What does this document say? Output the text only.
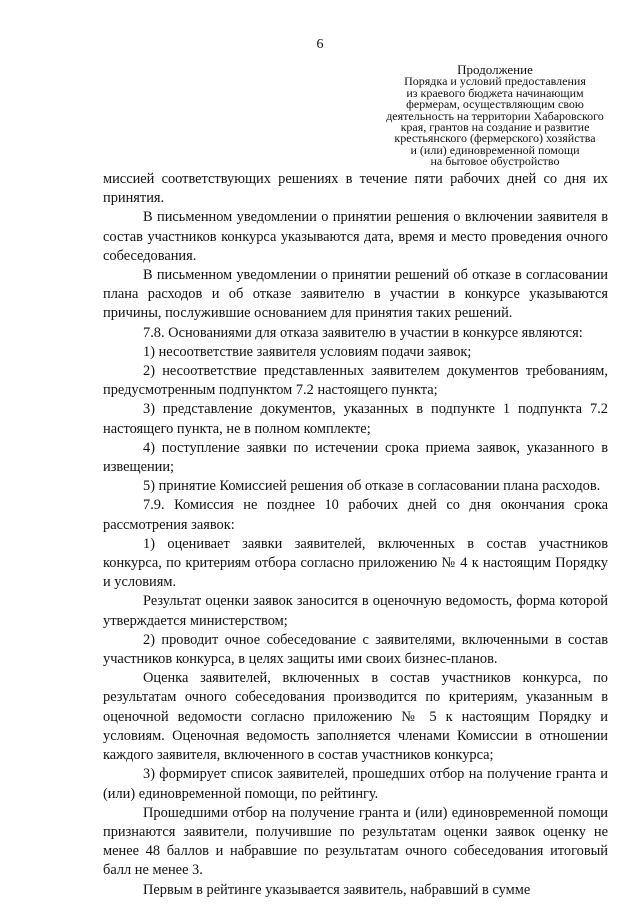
6
Продолжение
Порядка и условий предоставления
из краевого бюджета начинающим
фермерам, осуществляющим свою
деятельность на территории Хабаровского
края, грантов на создание и развитие
крестьянского (фермерского) хозяйства
и (или) единовременной помощи
на бытовое обустройство

миссией соответствующих решениях в течение пяти рабочих дней со дня их принятия.

В письменном уведомлении о принятии решения о включении заявителя в состав участников конкурса указываются дата, время и место проведения очного собеседования.

В письменном уведомлении о принятии решений об отказе в согласовании плана расходов и об отказе заявителю в участии в конкурсе указываются причины, послужившие основанием для принятия таких решений.

7.8. Основаниями для отказа заявителю в участии в конкурсе являются:

1) несоответствие заявителя условиям подачи заявок;

2) несоответствие представленных заявителем документов требованиям, предусмотренным подпунктом 7.2 настоящего пункта;

3) представление документов, указанных в подпункте 1 подпункта 7.2 настоящего пункта, не в полном комплекте;

4) поступление заявки по истечении срока приема заявок, указанного в извещении;

5) принятие Комиссией решения об отказе в согласовании плана расходов.

7.9. Комиссия не позднее 10 рабочих дней со дня окончания срока рассмотрения заявок:

1) оценивает заявки заявителей, включенных в состав участников конкурса, по критериям отбора согласно приложению № 4 к настоящим Порядку и условиям.

Результат оценки заявок заносится в оценочную ведомость, форма которой утверждается министерством;

2) проводит очное собеседование с заявителями, включенными в состав участников конкурса, в целях защиты ими своих бизнес-планов.

Оценка заявителей, включенных в состав участников конкурса, по результатам очного собеседования производится по критериям, указанным в оценочной ведомости согласно приложению № 5 к настоящим Порядку и условиям. Оценочная ведомость заполняется членами Комиссии в отношении каждого заявителя, включенного в состав участников конкурса;

3) формирует список заявителей, прошедших отбор на получение гранта и (или) единовременной помощи, по рейтингу.

Прошедшими отбор на получение гранта и (или) единовременной помощи признаются заявители, получившие по результатам оценки заявок оценку не менее 48 баллов и набравшие по результатам очного собеседования итоговый балл не менее 3.

Первым в рейтинге указывается заявитель, набравший в сумме
